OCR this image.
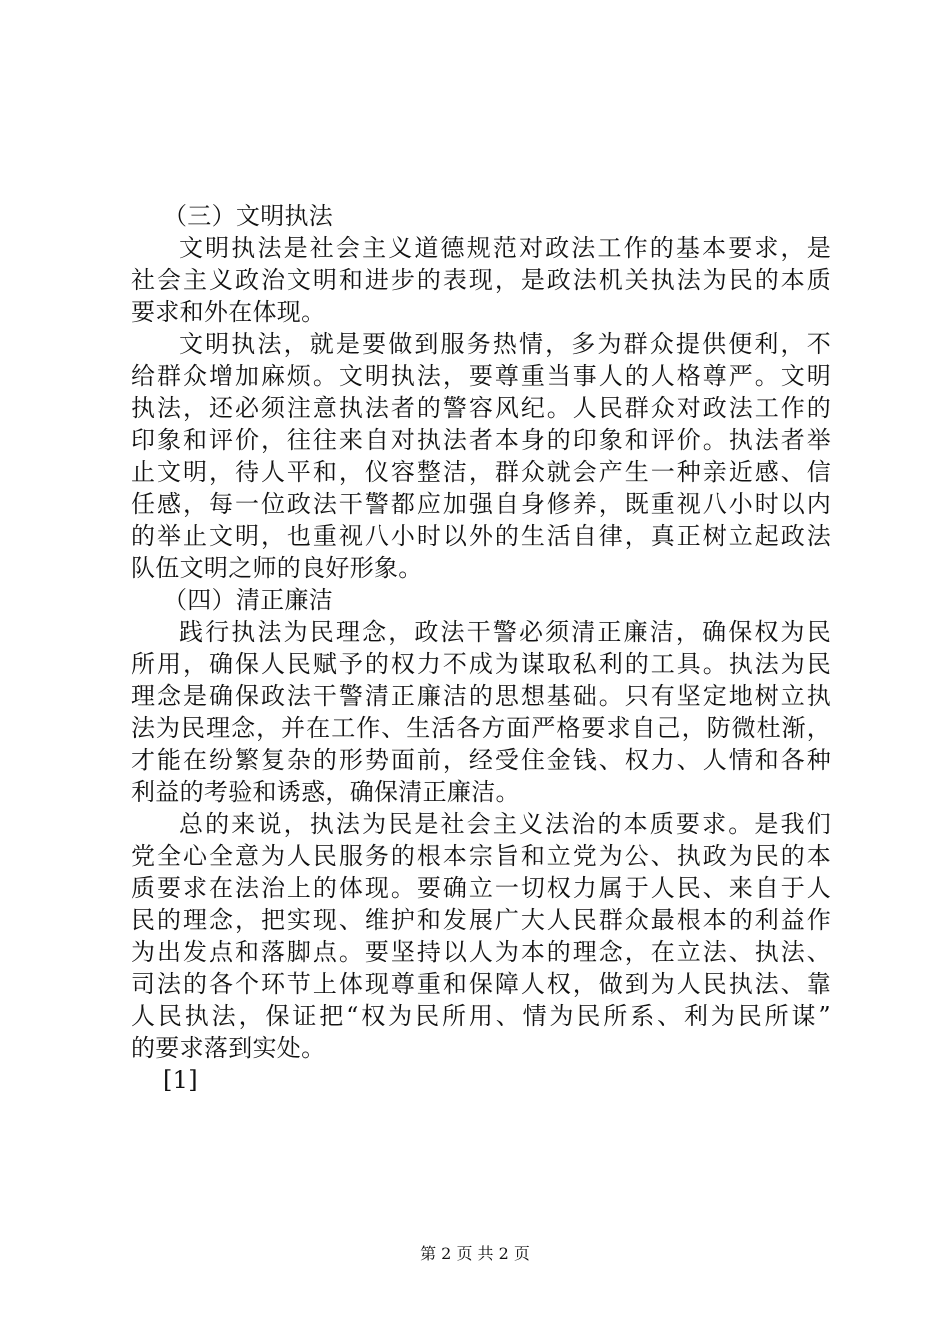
（三）文明执法
文明执法是社会主义道德规范对政法工作的基本要求，是
社会主义政治文明和进步的表现，是政法机关执法为民的本质
要求和外在体现。
文明执法，就是要做到服务热情，多为群众提供便利，不
给群众增加麻烦。文明执法，要尊重当事人的人格尊严。文明
执法，还必须注意执法者的警容风纪。人民群众对政法工作的
印象和评价，往往来自对执法者本身的印象和评价。执法者举
止文明，待人平和，仪容整洁，群众就会产生一种亲近感、信
任感，每一位政法干警都应加强自身修养，既重视八小时以内
的举止文明，也重视八小时以外的生活自律，真正树立起政法
队伍文明之师的良好形象。
（四）清正廉洁
践行执法为民理念，政法干警必须清正廉洁，确保权为民
所用，确保人民赋予的权力不成为谋取私利的工具。执法为民
理念是确保政法干警清正廉洁的思想基础。只有坚定地树立执
法为民理念，并在工作、生活各方面严格要求自己，防微杜渐，
才能在纷繁复杂的形势面前，经受住金钱、权力、人情和各种
利益的考验和诱惑，确保清正廉洁。
总的来说，执法为民是社会主义法治的本质要求。是我们
党全心全意为人民服务的根本宗旨和立党为公、执政为民的本
质要求在法治上的体现。要确立一切权力属于人民、来自于人
民的理念，把实现、维护和发展广大人民群众最根本的利益作
为出发点和落脚点。要坚持以人为本的理念，在立法、执法、
司法的各个环节上体现尊重和保障人权，做到为人民执法、靠
人民执法，保证把“权为民所用、情为民所系、利为民所谋”
的要求落到实处。
[1]
第 2 页 共 2 页
